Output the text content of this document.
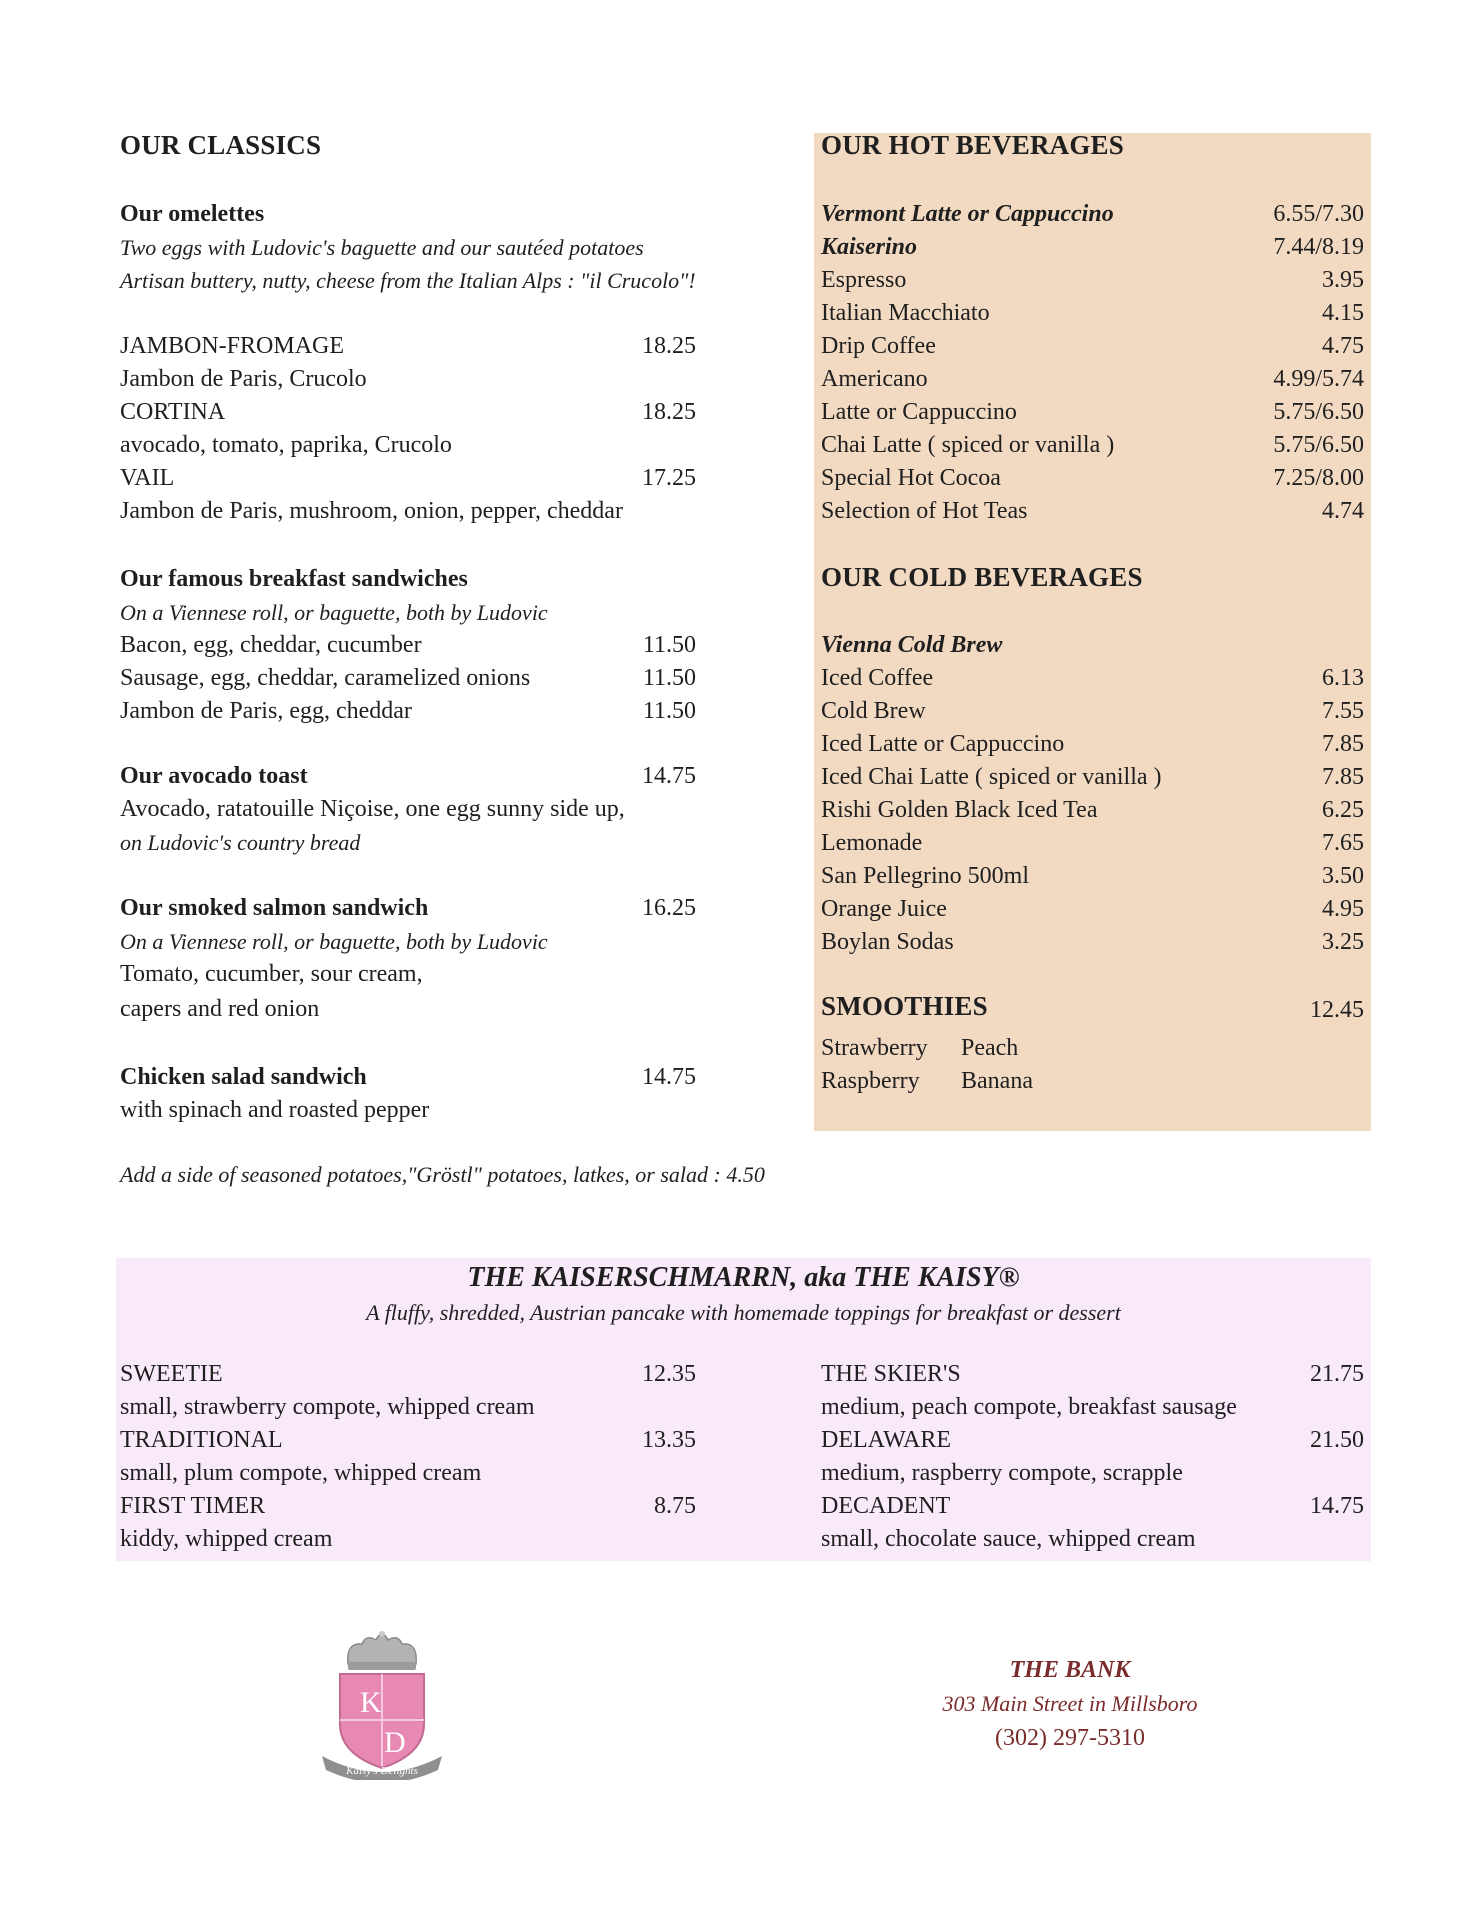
OUR CLASSICS
Our omelettes
Two eggs with Ludovic's baguette and our sautéed potatoes
Artisan buttery, nutty, cheese from the Italian Alps : "il Crucolo"!
JAMBON-FROMAGE	18.25
Jambon de Paris, Crucolo
CORTINA	18.25
avocado, tomato, paprika, Crucolo
VAIL	17.25
Jambon de Paris, mushroom, onion, pepper, cheddar
Our famous breakfast sandwiches
On a Viennese roll, or baguette, both by Ludovic
Bacon, egg, cheddar, cucumber	11.50
Sausage, egg, cheddar, caramelized onions	11.50
Jambon de Paris, egg, cheddar	11.50
Our avocado toast	14.75
Avocado, ratatouille Niçoise, one egg sunny side up,
on Ludovic's country bread
Our smoked salmon sandwich	16.25
On a Viennese roll, or baguette, both by Ludovic
Tomato, cucumber, sour cream,
capers and red onion
Chicken salad sandwich	14.75
with spinach and roasted pepper
Add a side of seasoned potatoes,"Gröstl" potatoes, latkes, or salad : 4.50
OUR HOT BEVERAGES
Vermont Latte or Cappuccino	6.55/7.30
Kaiserino	7.44/8.19
Espresso	3.95
Italian Macchiato	4.15
Drip Coffee	4.75
Americano	4.99/5.74
Latte or Cappuccino	5.75/6.50
Chai Latte ( spiced or vanilla )	5.75/6.50
Special Hot Cocoa	7.25/8.00
Selection of Hot Teas	4.74
OUR COLD BEVERAGES
Vienna Cold Brew
Iced Coffee	6.13
Cold Brew	7.55
Iced Latte or Cappuccino	7.85
Iced Chai Latte ( spiced or vanilla )	7.85
Rishi Golden Black Iced Tea	6.25
Lemonade	7.65
San Pellegrino 500ml	3.50
Orange Juice	4.95
Boylan Sodas	3.25
SMOOTHIES	12.45
Strawberry Peach
Raspberry Banana
THE KAISERSCHMARRN, aka THE KAISY®
A fluffy, shredded, Austrian pancake with homemade toppings for breakfast or dessert
SWEETIE	12.35
small, strawberry compote, whipped cream
TRADITIONAL	13.35
small, plum compote, whipped cream
FIRST TIMER	8.75
kiddy, whipped cream
THE SKIER'S	21.75
medium, peach compote, breakfast sausage
DELAWARE	21.50
medium, raspberry compote, scrapple
DECADENT	14.75
small, chocolate sauce, whipped cream
K
D
Kaisy's Delights
THE BANK
303 Main Street in Millsboro
(302) 297-5310
